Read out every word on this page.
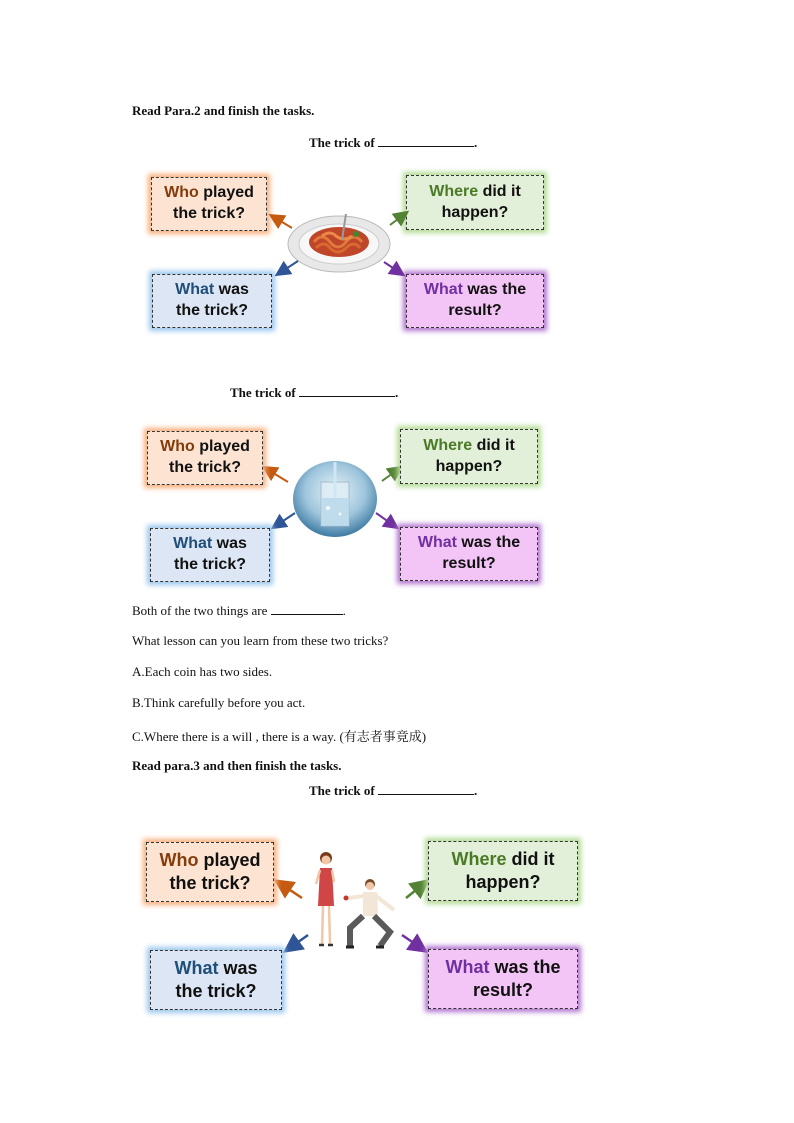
Read Para.2 and finish the tasks.
The trick of	.
Who played
the trick?
Where did it
happen?
What was
the trick?
What was the
result?
The trick of	.
Who played
the trick?
Where did it
happen?
What was
the trick?
What was the
result?
Both of the two things are	.
What lesson can you learn from these two tricks?
A.Each coin has two sides.
B.Think carefully before you act.
C.Where there is a will , there is a way. (有志者事竟成)
Read para.3 and then finish the tasks.
The trick of	.
Who played
the trick?
Where did it
happen?
What was
the trick?
What was the
result?
